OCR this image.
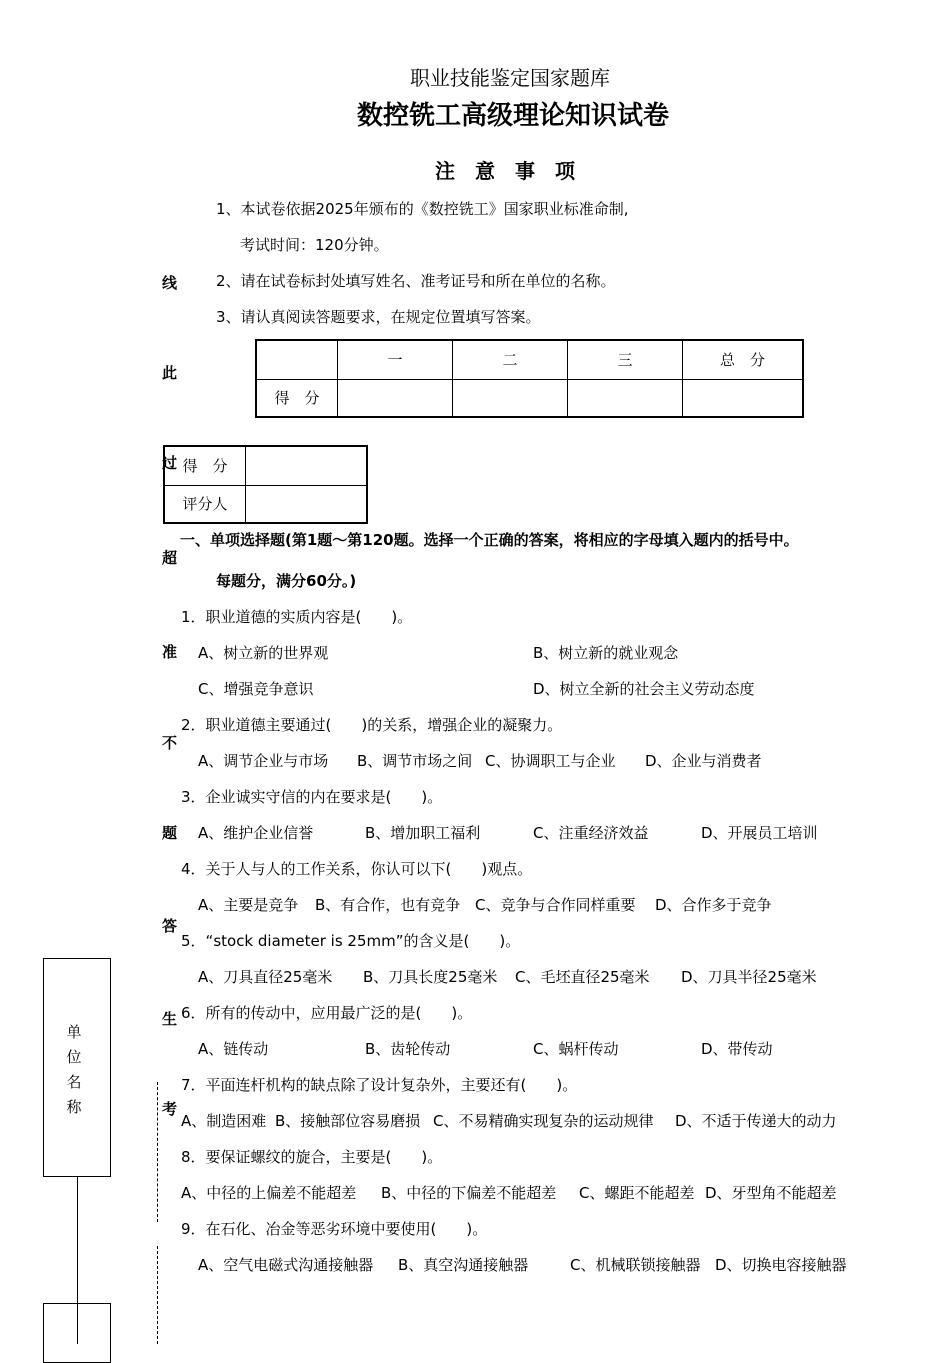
职业技能鉴定国家题库
数控铣工高级理论知识试卷
注　意　事　项
1、本试卷依据2025年颁布的《数控铣工》国家职业标准命制,
考试时间：120分钟。
2、请在试卷标封处填写姓名、准考证号和所在单位的名称。
3、请认真阅读答题要求，在规定位置填写答案。
	一	二	三	总　分
得　分				
得　分	
评分人	
一、单项选择题(第1题～第120题。选择一个正确的答案，将相应的字母填入题内的括号中。
每题分，满分60分。)
1．职业道德的实质内容是(　　)。
A、树立新的世界观	B、树立新的就业观念
C、增强竞争意识	D、树立全新的社会主义劳动态度
2．职业道德主要通过(　　)的关系，增强企业的凝聚力。
A、调节企业与市场 B、调节市场之间 C、协调职工与企业 D、企业与消费者
3．企业诚实守信的内在要求是(　　)。
A、维护企业信誉	B、增加职工福利	C、注重经济效益	D、开展员工培训
4．关于人与人的工作关系，你认可以下(　　)观点。
A、主要是竞争 B、有合作，也有竞争 C、竞争与合作同样重要 D、合作多于竞争
5．“stock diameter is 25mm”的含义是(　　)。
A、刀具直径25毫米 B、刀具长度25毫米 C、毛坯直径25毫米 D、刀具半径25毫米
6．所有的传动中，应用最广泛的是(　　)。
A、链传动	B、齿轮传动	C、蜗杆传动	D、带传动
7．平面连杆机构的缺点除了设计复杂外，主要还有(　　)。
A、制造困难 B、接触部位容易磨损 C、不易精确实现复杂的运动规律 D、不适于传递大的动力
8．要保证螺纹的旋合，主要是(　　)。
A、中径的上偏差不能超差 B、中径的下偏差不能超差 C、螺距不能超差 D、牙型角不能超差
9．在石化、冶金等恶劣环境中要使用(　　)。
A、空气电磁式沟通接触器 B、真空沟通接触器	C、机械联锁接触器 D、切换电容接触器
线
此
过
超
准
不
题
答
生
考
单位名称
